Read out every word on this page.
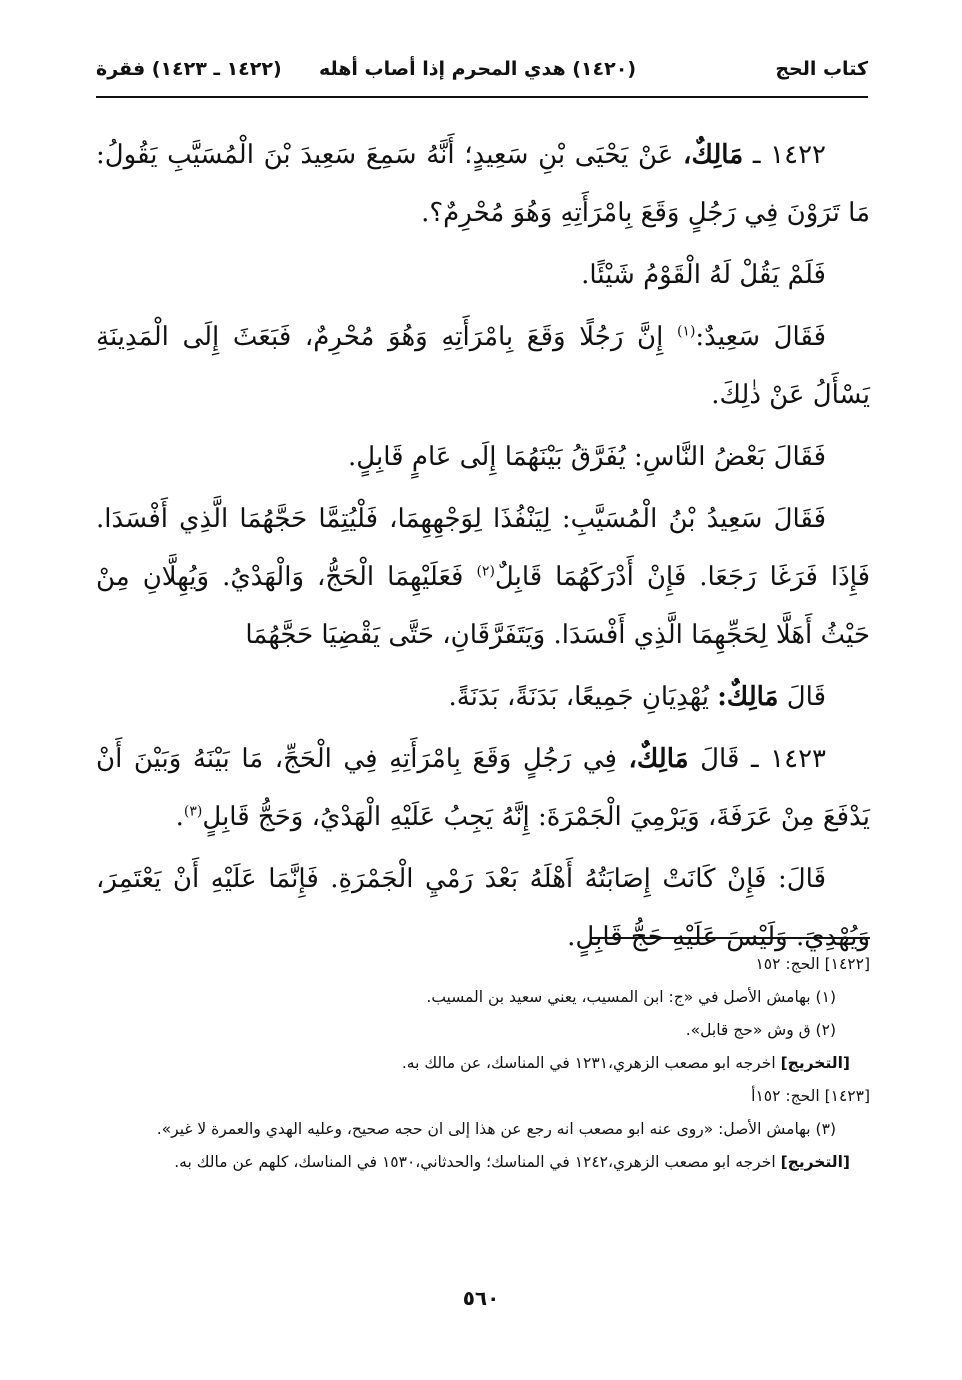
كتاب الحج
(١٤٢٠) هدي المحرم إذا أصاب أهله
(١٤٢٢ ـ ١٤٢٣) فقرة

١٤٢٢ ـ مَالِكٌ، عَنْ يَحْيَى بْنِ سَعِيدٍ؛ أَنَّهُ سَمِعَ سَعِيدَ بْنَ الْمُسَيَّبِ يَقُولُ: مَا تَرَوْنَ فِي رَجُلٍ وَقَعَ بِامْرَأَتِهِ وَهُوَ مُحْرِمٌ؟.

فَلَمْ يَقُلْ لَهُ الْقَوْمُ شَيْئًا.

فَقَالَ سَعِيدٌ:$^{(١)}$ إِنَّ رَجُلًا وَقَعَ بِامْرَأَتِهِ وَهُوَ مُحْرِمٌ، فَبَعَثَ إِلَى الْمَدِينَةِ يَسْأَلُ عَنْ ذٰلِكَ.

فَقَالَ بَعْضُ النَّاسِ: يُفَرَّقُ بَيْنَهُمَا إِلَى عَامٍ قَابِلٍ.

فَقَالَ سَعِيدُ بْنُ الْمُسَيَّبِ: لِيَنْفُذَا لِوَجْهِهِمَا، فَلْيُتِمَّا حَجَّهُمَا الَّذِي أَفْسَدَا. فَإِذَا فَرَغَا رَجَعَا. فَإِنْ أَدْرَكَهُمَا قَابِلٌ$^{(٢)}$ فَعَلَيْهِمَا الْحَجُّ، وَالْهَدْيُ. وَيُهِلَّانِ مِنْ حَيْثُ أَهَلَّا لِحَجِّهِمَا الَّذِي أَفْسَدَا. وَيَتَفَرَّقَانِ، حَتَّى يَقْضِيَا حَجَّهُمَا

قَالَ مَالِكٌ: يُهْدِيَانِ جَمِيعًا، بَدَنَةً، بَدَنَةً.

١٤٢٣ ـ قَالَ مَالِكٌ، فِي رَجُلٍ وَقَعَ بِامْرَأَتِهِ فِي الْحَجِّ، مَا بَيْنَهُ وَبَيْنَ أَنْ يَدْفَعَ مِنْ عَرَفَةَ، وَيَرْمِيَ الْجَمْرَةَ: إِنَّهُ يَجِبُ عَلَيْهِ الْهَدْيُ، وَحَجُّ قَابِلٍ$^{(٣)}$.

قَالَ: فَإِنْ كَانَتْ إِصَابَتُهُ أَهْلَهُ بَعْدَ رَمْيِ الْجَمْرَةِ. فَإِنَّمَا عَلَيْهِ أَنْ يَعْتَمِرَ، وَيُهْدِيَ. وَلَيْسَ عَلَيْهِ حَجُّ قَابِلٍ.

[١٤٢٢] الحج: ١٥٢

(١) بهامش الأصل في «ج: ابن المسيب، يعني سعيد بن المسيب.

(٢) ق وش «حج قابل».

[التخريج] اخرجه ابو مصعب الزهري،١٢٣١ في المناسك، عن مالك به.

[١٤٢٣] الحج: ١٥٢أ

(٣) بهامش الأصل: «روى عنه ابو مصعب انه رجع عن هذا إلى ان حجه صحيح، وعليه الهدي والعمرة لا غير».

[التخريج] اخرجه ابو مصعب الزهري،١٢٤٢ في المناسك؛ والحدثاني،١٥٣٠ في المناسك، كلهم عن مالك به.

٥٦٠
